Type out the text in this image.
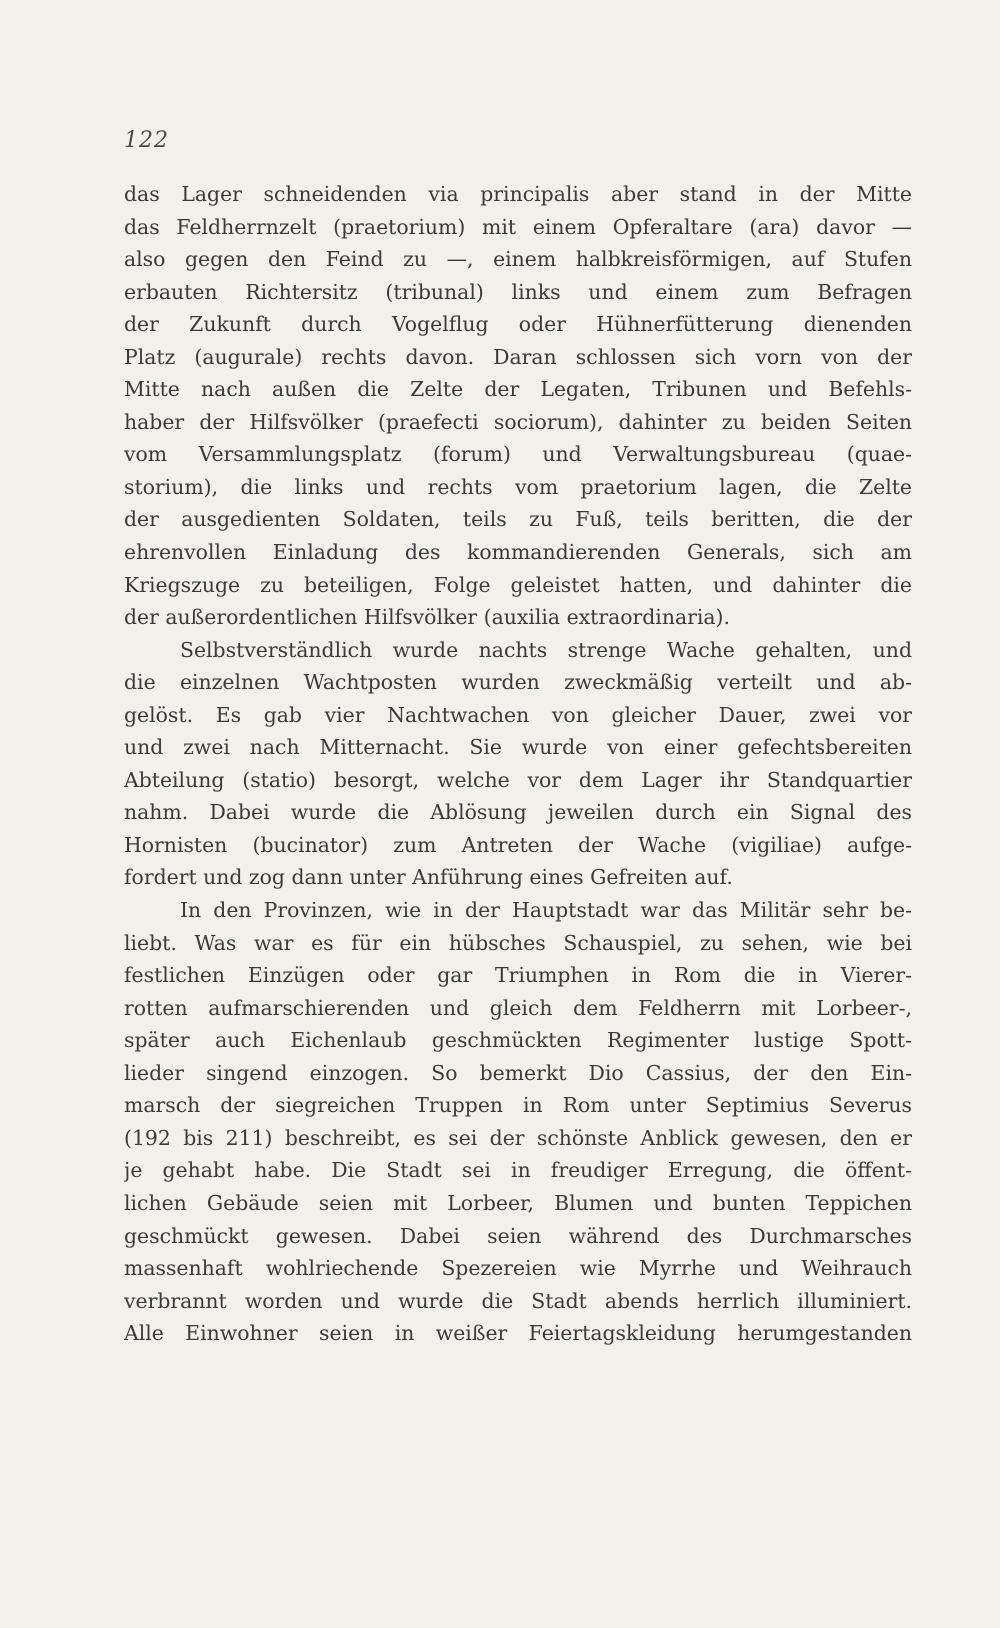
122
das Lager schneidenden via principalis aber stand in der Mitte
das Feldherrnzelt (praetorium) mit einem Opferaltare (ara) davor —
also gegen den Feind zu —, einem halbkreisförmigen, auf Stufen
erbauten Richtersitz (tribunal) links und einem zum Befragen
der Zukunft durch Vogelflug oder Hühnerfütterung dienenden
Platz (augurale) rechts davon. Daran schlossen sich vorn von der
Mitte nach außen die Zelte der Legaten, Tribunen und Befehls-
haber der Hilfsvölker (praefecti sociorum), dahinter zu beiden Seiten
vom Versammlungsplatz (forum) und Verwaltungsbureau (quae-
storium), die links und rechts vom praetorium lagen, die Zelte
der ausgedienten Soldaten, teils zu Fuß, teils beritten, die der
ehrenvollen Einladung des kommandierenden Generals, sich am
Kriegszuge zu beteiligen, Folge geleistet hatten, und dahinter die
der außerordentlichen Hilfsvölker (auxilia extraordinaria).
Selbstverständlich wurde nachts strenge Wache gehalten, und
die einzelnen Wachtposten wurden zweckmäßig verteilt und ab-
gelöst. Es gab vier Nachtwachen von gleicher Dauer, zwei vor
und zwei nach Mitternacht. Sie wurde von einer gefechtsbereiten
Abteilung (statio) besorgt, welche vor dem Lager ihr Standquartier
nahm. Dabei wurde die Ablösung jeweilen durch ein Signal des
Hornisten (bucinator) zum Antreten der Wache (vigiliae) aufge-
fordert und zog dann unter Anführung eines Gefreiten auf.
In den Provinzen, wie in der Hauptstadt war das Militär sehr be-
liebt. Was war es für ein hübsches Schauspiel, zu sehen, wie bei
festlichen Einzügen oder gar Triumphen in Rom die in Vierer-
rotten aufmarschierenden und gleich dem Feldherrn mit Lorbeer-,
später auch Eichenlaub geschmückten Regimenter lustige Spott-
lieder singend einzogen. So bemerkt Dio Cassius, der den Ein-
marsch der siegreichen Truppen in Rom unter Septimius Severus
(192 bis 211) beschreibt, es sei der schönste Anblick gewesen, den er
je gehabt habe. Die Stadt sei in freudiger Erregung, die öffent-
lichen Gebäude seien mit Lorbeer, Blumen und bunten Teppichen
geschmückt gewesen. Dabei seien während des Durchmarsches
massenhaft wohlriechende Spezereien wie Myrrhe und Weihrauch
verbrannt worden und wurde die Stadt abends herrlich illuminiert.
Alle Einwohner seien in weißer Feiertagskleidung herumgestanden
